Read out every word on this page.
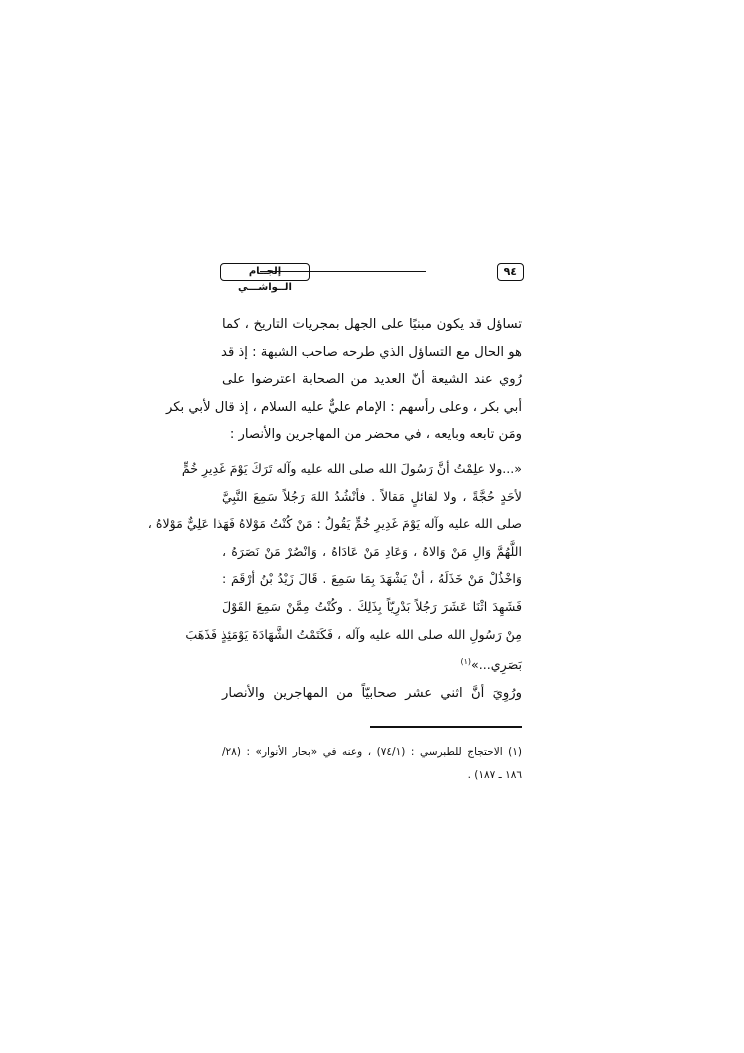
٩٤
إلجــام الــواشـــي
تساؤل قد يكون مبنيًا على الجهل بمجريات التاريخ ، كما
هو الحال مع التساؤل الذي طرحه صاحب الشبهة : إذ قد
رُوي عند الشيعة أنّ العديد من الصحابة اعترضوا على
أبي بكر ، وعلى رأسهم : الإمام عليٌّ عليه السلام ، إذ قال لأبي بكر
ومَن تابعه وبايعه ، في محضر من المهاجرين والأنصار :
«...ولا علِمْتُ أنَّ رَسُولَ الله صلى الله عليه وآله تَرَكَ يَوْمَ غَدِيرِ خُمٍّ
لأحَدٍ حُجَّةً ، ولا لقائلٍ مَقالاً . فأنْشُدُ اللهَ رَجُلاً سَمِعَ النَّبِيَّ
صلى الله عليه وآله يَوْمَ غَدِيرِ خُمٍّ يَقُولُ : مَنْ كُنْتُ مَوْلاهُ فَهَذا عَلِيٌّ مَوْلاهُ ،
اللَّهُمَّ وَالِ مَنْ وَالاهُ ، وَعَادِ مَنْ عَادَاهُ ، وَانْصُرْ مَنْ نَصَرَهُ ،
وَاخْذُلْ مَنْ خَذَلَهُ ، أنْ يَشْهَدَ بِمَا سَمِعَ . قَالَ زَيْدُ بْنُ أرْقَمَ :
فَشَهِدَ اثْنَا عَشَرَ رَجُلاً بَدْرِيّاً بِذَلِكَ . وكُنْتُ مِمَّنْ سَمِعَ القَوْلَ
مِنْ رَسُولِ الله صلى الله عليه وآله ، فَكَتَمْتُ الشَّهَادَةَ يَوْمَئِذٍ فَذَهَبَ
بَصَرِي...»$^{(١)}$
ورُوِيَ أنَّ اثني عشر صحابيّاً من المهاجرين والأنصار
(١) الاحتجاج للطبرسي : (٧٤/١) ، وعنه في «بحار الأنوار» : (٢٨/
١٨٦ ـ ١٨٧) .
